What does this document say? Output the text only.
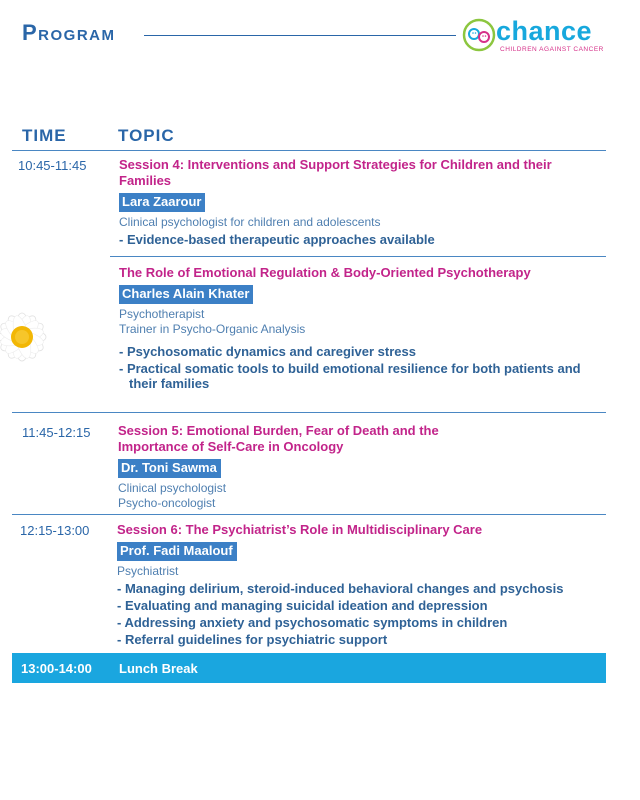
Program	chance
CHILDREN AGAINST CANCER
TIME	TOPIC
10:45-11:45	Session 4: Interventions and Support Strategies for Children and their Families
Lara Zaarour
Clinical psychologist for children and adolescents
- Evidence-based therapeutic approaches available
The Role of Emotional Regulation & Body-Oriented Psychotherapy
Charles Alain Khater
Psychotherapist
Trainer in Psycho-Organic Analysis
- Psychosomatic dynamics and caregiver stress
- Practical somatic tools to build emotional resilience for both patients and their families
11:45-12:15 Session 5: Emotional Burden, Fear of Death and the Importance of Self-Care in Oncology
Dr. Toni Sawma
Clinical psychologist
Psycho-oncologist
12:15-13:00 Session 6: The Psychiatrist’s Role in Multidisciplinary Care
Prof. Fadi Maalouf
Psychiatrist
- Managing delirium, steroid-induced behavioral changes and psychosis
- Evaluating and managing suicidal ideation and depression
- Addressing anxiety and psychosomatic symptoms in children
- Referral guidelines for psychiatric support
13:00-14:00 Lunch Break
